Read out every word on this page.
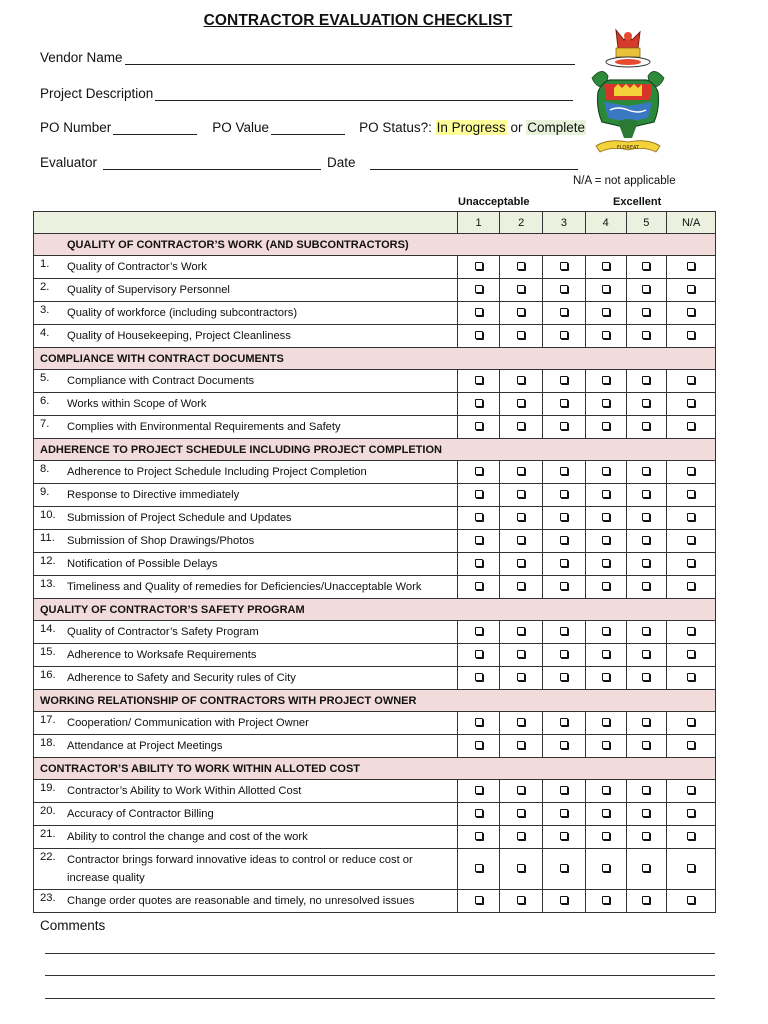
CONTRACTOR EVALUATION CHECKLIST
Vendor Name
Project Description
PO Number	PO Value	PO Status?:
In Progress
or
Complete
Evaluator	Date
FLOREAT
N/A = not applicable
Unacceptable	Excellent
	1	2	3	4	5	N/A
QUALITY OF CONTRACTOR’S WORK (AND SUBCONTRACTORS)						
1. Quality of Contractor’s Work						
2. Quality of Supervisory Personnel						
3. Quality of workforce (including subcontractors)						
4. Quality of Housekeeping, Project Cleanliness						
COMPLIANCE WITH CONTRACT DOCUMENTS						
5. Compliance with Contract Documents						
6. Works within Scope of Work						
7. Complies with Environmental Requirements and Safety						
ADHERENCE TO PROJECT SCHEDULE INCLUDING PROJECT COMPLETION						
8. Adherence to Project Schedule Including Project Completion						
9. Response to Directive immediately						
10. Submission of Project Schedule and Updates						
11. Submission of Shop Drawings/Photos						
12. Notification of Possible Delays						
13. Timeliness and Quality of remedies for Deficiencies/Unacceptable Work						
QUALITY OF CONTRACTOR’S SAFETY PROGRAM						
14. Quality of Contractor’s Safety Program						
15. Adherence to Worksafe Requirements						
16. Adherence to Safety and Security rules of City						
WORKING RELATIONSHIP OF CONTRACTORS WITH PROJECT OWNER						
17. Cooperation/ Communication with Project Owner						
18. Attendance at Project Meetings						
CONTRACTOR’S ABILITY TO WORK WITHIN ALLOTED COST						
19. Contractor’s Ability to Work Within Allotted Cost						
20. Accuracy of Contractor Billing						
21. Ability to control the change and cost of the work						
22. Contractor brings forward innovative ideas to control or reduce cost or increase quality						
23. Change order quotes are reasonable and timely, no unresolved issues						
Comments
